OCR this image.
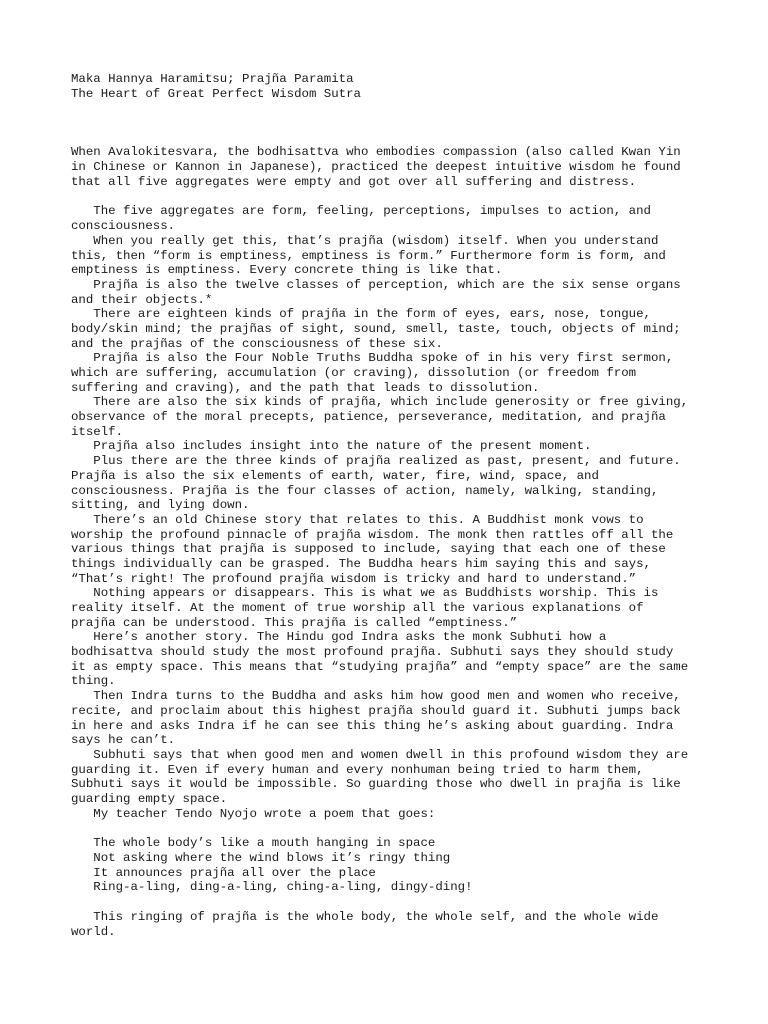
Maka Hannya Haramitsu; Prajña Paramita
The Heart of Great Perfect Wisdom Sutra
When Avalokitesvara, the bodhisattva who embodies compassion (also called Kwan Yin
in Chinese or Kannon in Japanese), practiced the deepest intuitive wisdom he found
that all five aggregates were empty and got over all suffering and distress.
The five aggregates are form, feeling, perceptions, impulses to action, and
consciousness.
When you really get this, that’s prajña (wisdom) itself. When you understand
this, then “form is emptiness, emptiness is form.” Furthermore form is form, and
emptiness is emptiness. Every concrete thing is like that.
Prajña is also the twelve classes of perception, which are the six sense organs
and their objects.*
There are eighteen kinds of prajña in the form of eyes, ears, nose, tongue,
body/skin mind; the prajñas of sight, sound, smell, taste, touch, objects of mind;
and the prajñas of the consciousness of these six.
Prajña is also the Four Noble Truths Buddha spoke of in his very first sermon,
which are suffering, accumulation (or craving), dissolution (or freedom from
suffering and craving), and the path that leads to dissolution.
There are also the six kinds of prajña, which include generosity or free giving,
observance of the moral precepts, patience, perseverance, meditation, and prajña
itself.
Prajña also includes insight into the nature of the present moment.
Plus there are the three kinds of prajña realized as past, present, and future.
Prajña is also the six elements of earth, water, fire, wind, space, and
consciousness. Prajña is the four classes of action, namely, walking, standing,
sitting, and lying down.
There’s an old Chinese story that relates to this. A Buddhist monk vows to
worship the profound pinnacle of prajña wisdom. The monk then rattles off all the
various things that prajña is supposed to include, saying that each one of these
things individually can be grasped. The Buddha hears him saying this and says,
“That’s right! The profound prajña wisdom is tricky and hard to understand.”
Nothing appears or disappears. This is what we as Buddhists worship. This is
reality itself. At the moment of true worship all the various explanations of
prajña can be understood. This prajña is called “emptiness.”
Here’s another story. The Hindu god Indra asks the monk Subhuti how a
bodhisattva should study the most profound prajña. Subhuti says they should study
it as empty space. This means that “studying prajña” and “empty space” are the same
thing.
Then Indra turns to the Buddha and asks him how good men and women who receive,
recite, and proclaim about this highest prajña should guard it. Subhuti jumps back
in here and asks Indra if he can see this thing he’s asking about guarding. Indra
says he can’t.
Subhuti says that when good men and women dwell in this profound wisdom they are
guarding it. Even if every human and every nonhuman being tried to harm them,
Subhuti says it would be impossible. So guarding those who dwell in prajña is like
guarding empty space.
My teacher Tendo Nyojo wrote a poem that goes:
The whole body’s like a mouth hanging in space
Not asking where the wind blows it’s ringy thing
It announces prajña all over the place
Ring-a-ling, ding-a-ling, ching-a-ling, dingy-ding!
This ringing of prajña is the whole body, the whole self, and the whole wide
world.
